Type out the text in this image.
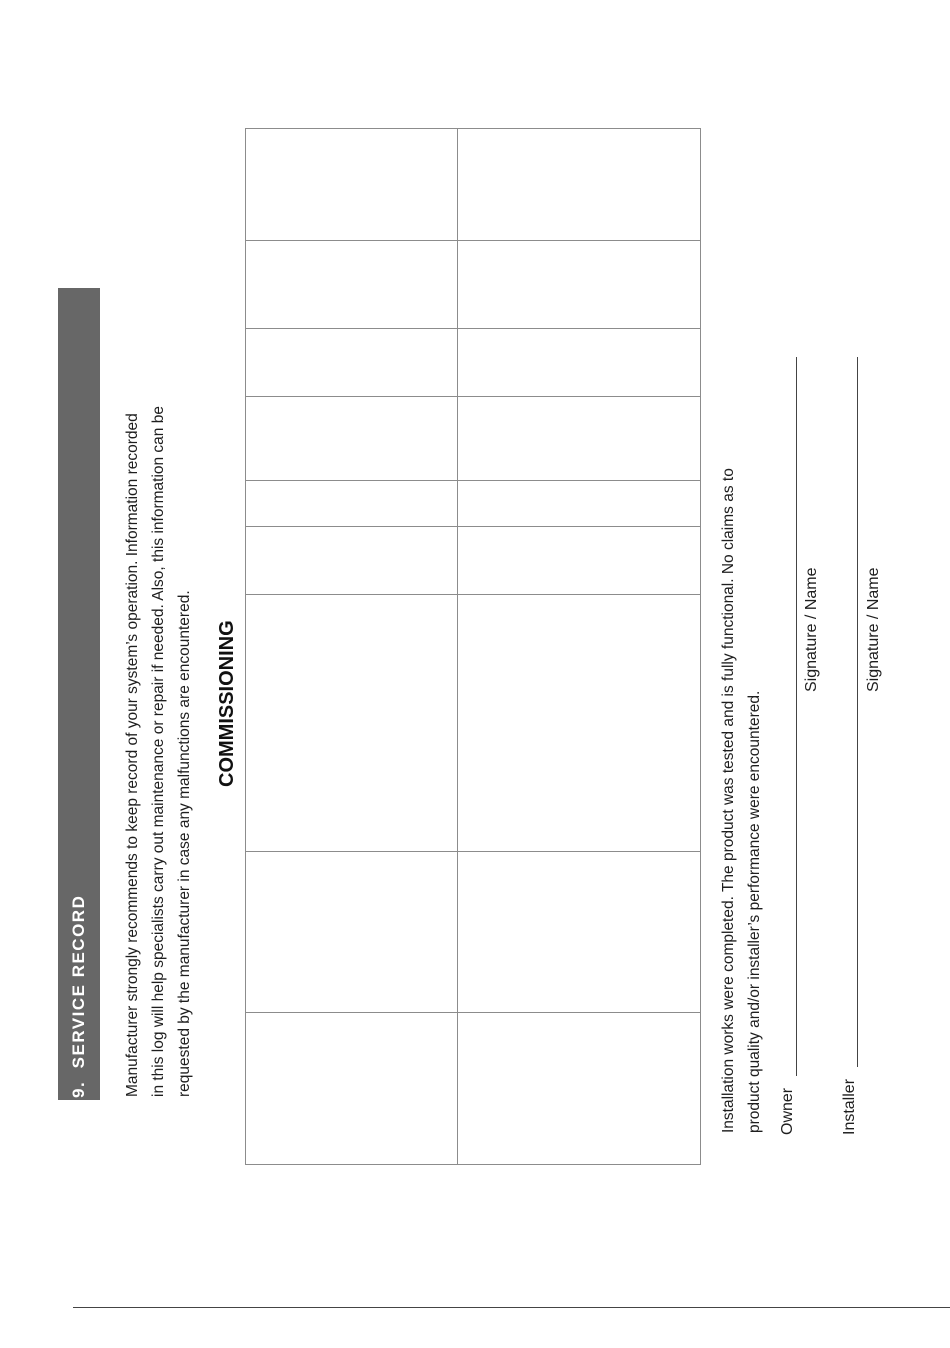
9.  SERVICE RECORD Manufacturer strongly recommends to keep record of your system’s operation. Information recorded in this log will help specialists carry out maintenance or repair if needed. Also, this information can be requested by the manufacturer in case any malfunctions are encountered. COMMISSIONING	Installation works were completed. The product was tested and is fully functional. No claims as to product quality and/or installer’s performance were encountered.	Owner
Signature / Name
Installer
Signature / Name
